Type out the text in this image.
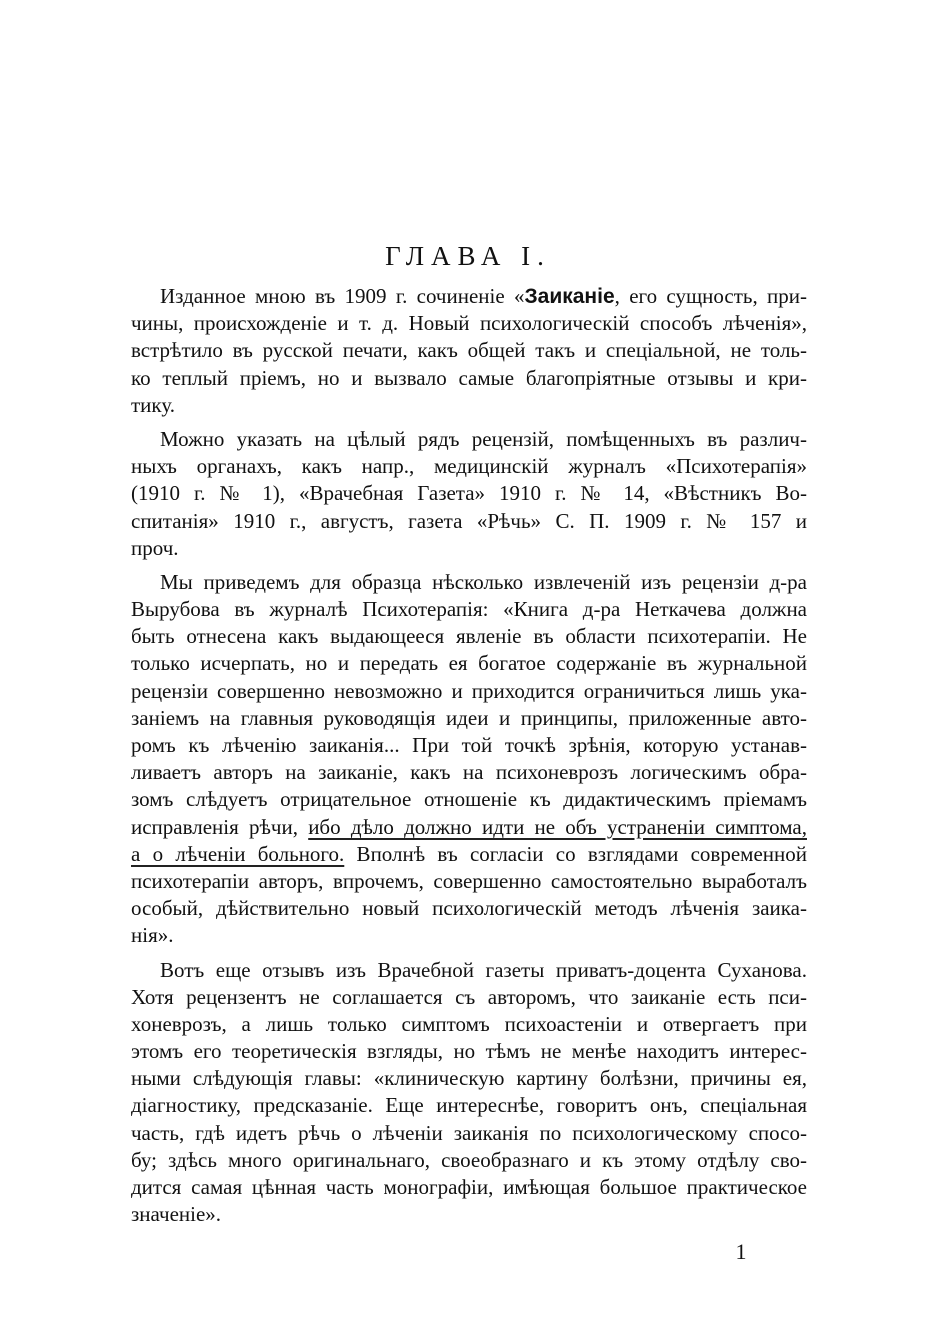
ГЛАВА I.
Изданное мною въ 1909 г. сочиненіе «Заиканіе, его сущность, при-
чины, происхожденіе и т. д. Новый психологическій способъ лѣченія»,
встрѣтило въ русской печати, какъ общей такъ и спеціальной, не толь-
ко теплый пріемъ, но и вызвало самые благопріятные отзывы и кри-
тику.
Можно указать на цѣлый рядъ рецензій, помѣщенныхъ въ различ-
ныхъ органахъ, какъ напр., медицинскій журналъ «Психотерапія»
(1910 г. № 1), «Врачебная Газета» 1910 г. № 14, «Вѣстникъ Во-
спитанія» 1910 г., августъ, газета «Рѣчь» С. П. 1909 г. № 157 и
проч.
Мы приведемъ для образца нѣсколько извлеченій изъ рецензіи д-ра
Вырубова въ журналѣ Психотерапія: «Книга д-ра Неткачева должна
быть отнесена какъ выдающееся явленіе въ области психотерапіи. Не
только исчерпать, но и передать ея богатое содержаніе въ журнальной
рецензіи совершенно невозможно и приходится ограничиться лишь ука-
заніемъ на главныя руководящія идеи и принципы, приложенные авто-
ромъ къ лѣченію заиканія... При той точкѣ зрѣнія, которую устанав-
ливаетъ авторъ на заиканіе, какъ на психоневрозъ логическимъ обра-
зомъ слѣдуетъ отрицательное отношеніе къ дидактическимъ пріемамъ
исправленія рѣчи, ибо дѣло должно идти не объ устраненіи симптома,
а о лѣченіи больного. Вполнѣ въ согласіи со взглядами современной
психотерапіи авторъ, впрочемъ, совершенно самостоятельно выработалъ
особый, дѣйствительно новый психологическій методъ лѣченія заика-
нія».
Вотъ еще отзывъ изъ Врачебной газеты приватъ-доцента Суханова.
Хотя рецензентъ не соглашается съ авторомъ, что заиканіе есть пси-
хоневрозъ, а лишь только симптомъ психоастеніи и отвергаетъ при
этомъ его теоретическія взгляды, но тѣмъ не менѣе находитъ интерес-
ными слѣдующія главы: «клиническую картину болѣзни, причины ея,
діагностику, предсказаніе. Еще интереснѣе, говоритъ онъ, спеціальная
часть, гдѣ идетъ рѣчь о лѣченіи заиканія по психологическому спосо-
бу; здѣсь много оригинальнаго, своеобразнаго и къ этому отдѣлу сво-
дится самая цѣнная часть монографіи, имѣющая большое практическое
значеніе».
1
